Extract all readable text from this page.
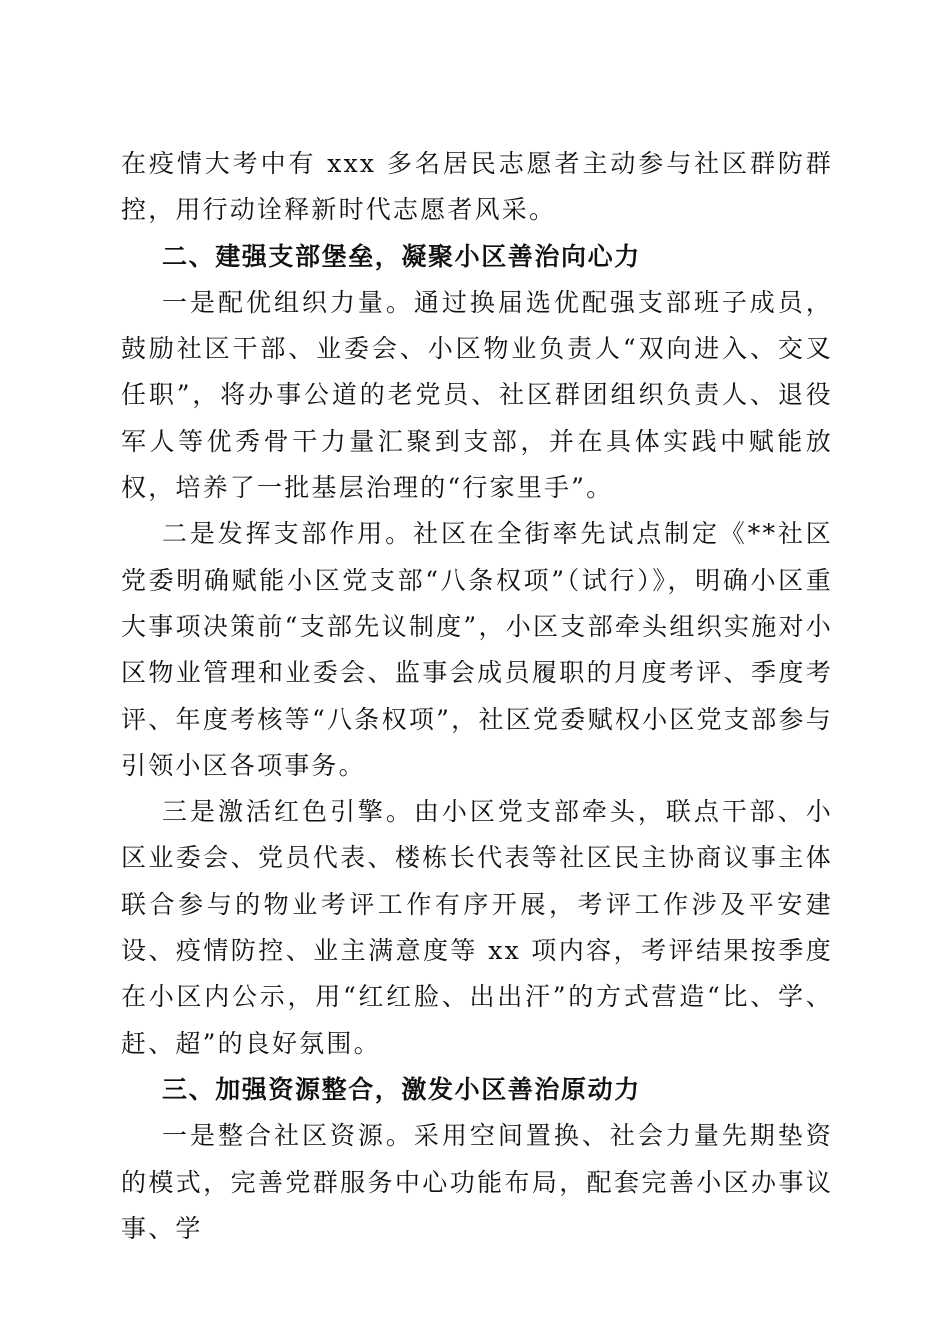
在疫情大考中有 xxx 多名居民志愿者主动参与社区群防群控，用行动诠释新时代志愿者风采。

二、建强支部堡垒，凝聚小区善治向心力

一是配优组织力量。通过换届选优配强支部班子成员，鼓励社区干部、业委会、小区物业负责人“双向进入、交叉任职”，将办事公道的老党员、社区群团组织负责人、退役军人等优秀骨干力量汇聚到支部，并在具体实践中赋能放权，培养了一批基层治理的“行家里手”。

二是发挥支部作用。社区在全街率先试点制定《**社区党委明确赋能小区党支部“八条权项”（试行）》，明确小区重大事项决策前“支部先议制度”，小区支部牵头组织实施对小区物业管理和业委会、监事会成员履职的月度考评、季度考评、年度考核等“八条权项”，社区党委赋权小区党支部参与引领小区各项事务。

三是激活红色引擎。由小区党支部牵头，联点干部、小区业委会、党员代表、楼栋长代表等社区民主协商议事主体联合参与的物业考评工作有序开展，考评工作涉及平安建设、疫情防控、业主满意度等 xx 项内容，考评结果按季度在小区内公示，用“红红脸、出出汗”的方式营造“比、学、赶、超”的良好氛围。

三、加强资源整合，激发小区善治原动力

一是整合社区资源。采用空间置换、社会力量先期垫资的模式，完善党群服务中心功能布局，配套完善小区办事议事、学
